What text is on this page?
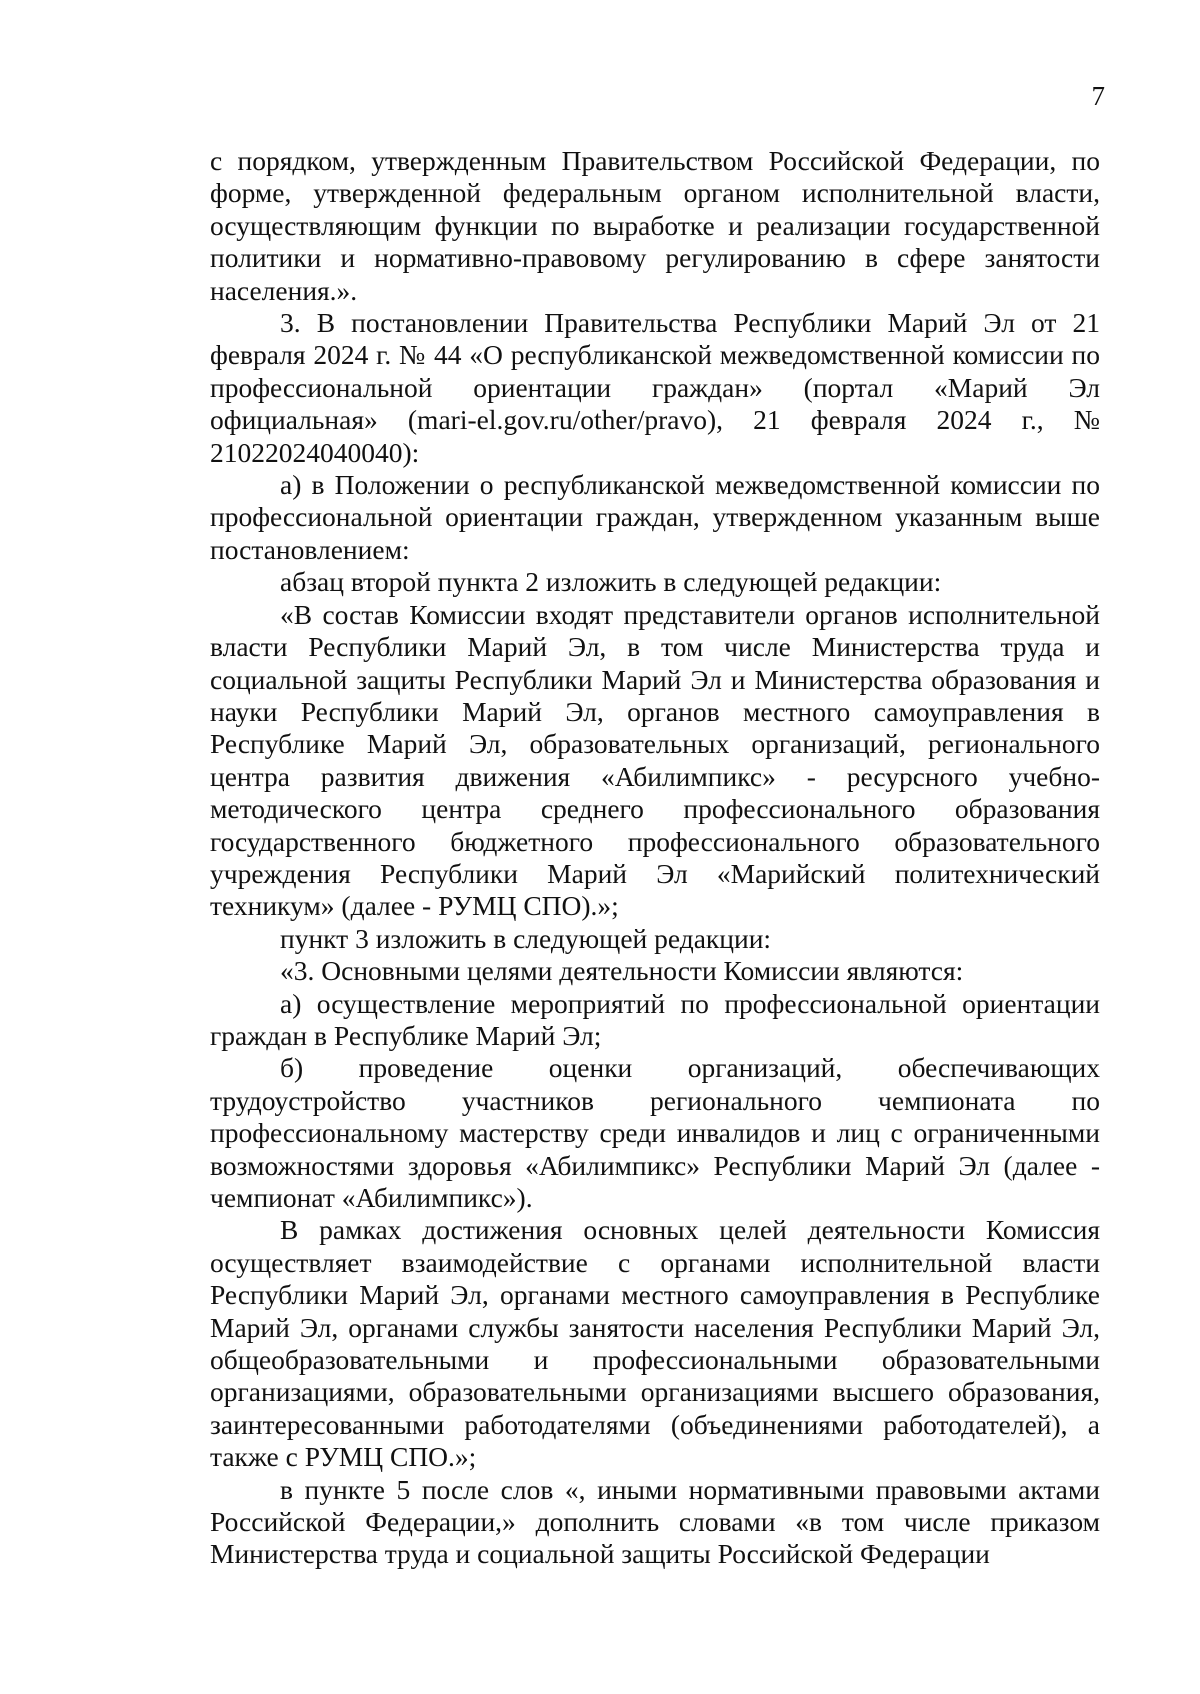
7

с порядком, утвержденным Правительством Российской Федерации, по форме, утвержденной федеральным органом исполнительной власти, осуществляющим функции по выработке и реализации государственной политики и нормативно-правовому регулированию в сфере занятости населения.».

3. В постановлении Правительства Республики Марий Эл от 21 февраля 2024 г. № 44 «О республиканской межведомственной комиссии по профессиональной ориентации граждан» (портал «Марий Эл официальная» (mari-el.gov.ru/other/pravo), 21 февраля 2024 г., № 21022024040040):

а) в Положении о республиканской межведомственной комиссии по профессиональной ориентации граждан, утвержденном указанным выше постановлением:

абзац второй пункта 2 изложить в следующей редакции:

«В состав Комиссии входят представители органов исполнительной власти Республики Марий Эл, в том числе Министерства труда и социальной защиты Республики Марий Эл и Министерства образования и науки Республики Марий Эл, органов местного самоуправления в Республике Марий Эл, образовательных организаций, регионального центра развития движения «Абилимпикс» - ресурсного учебно-методического центра среднего профессионального образования государственного бюджетного профессионального образовательного учреждения Республики Марий Эл «Марийский политехнический техникум» (далее - РУМЦ СПО).»;

пункт 3 изложить в следующей редакции:

«3. Основными целями деятельности Комиссии являются:

а) осуществление мероприятий по профессиональной ориентации граждан в Республике Марий Эл;

б) проведение оценки организаций, обеспечивающих трудоустройство участников регионального чемпионата по профессиональному мастерству среди инвалидов и лиц с ограниченными возможностями здоровья «Абилимпикс» Республики Марий Эл (далее - чемпионат «Абилимпикс»).

В рамках достижения основных целей деятельности Комиссия осуществляет взаимодействие с органами исполнительной власти Республики Марий Эл, органами местного самоуправления в Республике Марий Эл, органами службы занятости населения Республики Марий Эл, общеобразовательными и профессиональными образовательными организациями, образовательными организациями высшего образования, заинтересованными работодателями (объединениями работодателей), а также с РУМЦ СПО.»;

в пункте 5 после слов «, иными нормативными правовыми актами Российской Федерации,» дополнить словами «в том числе приказом Министерства труда и социальной защиты Российской Федерации
